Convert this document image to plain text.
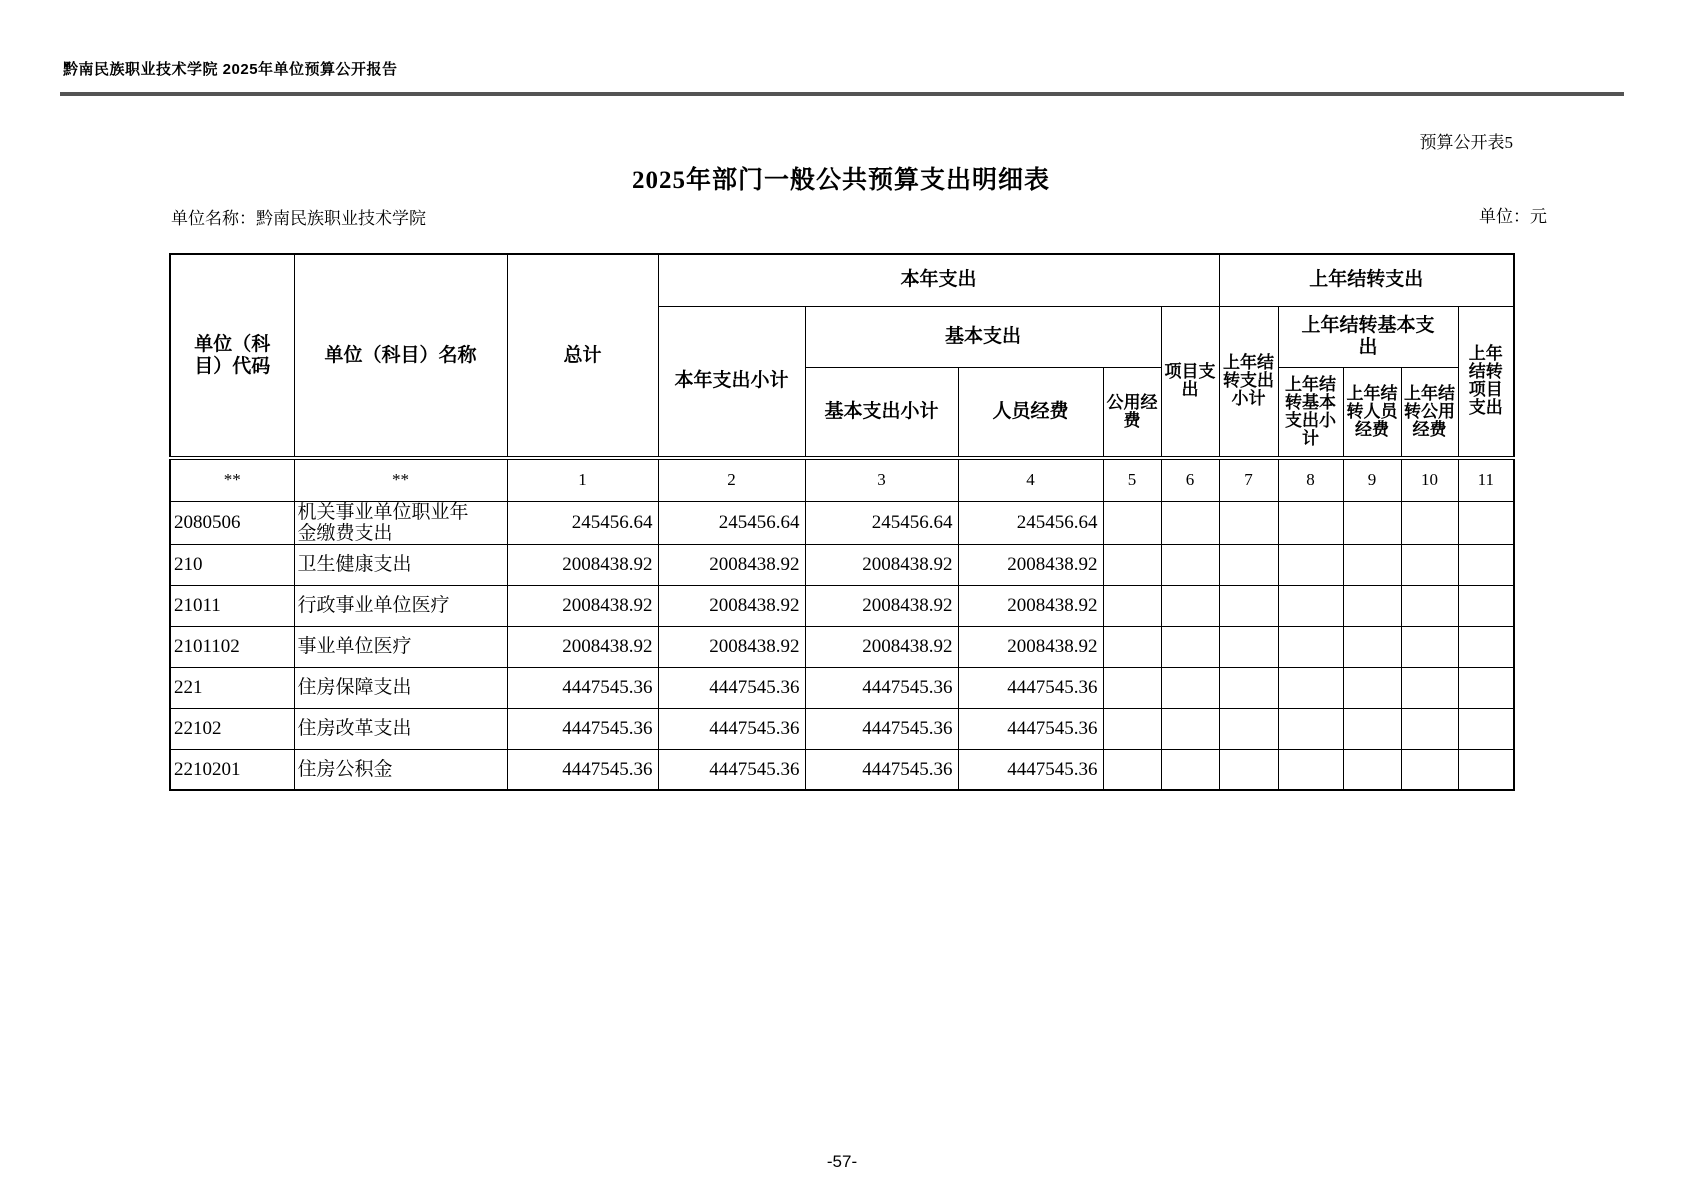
黔南民族职业技术学院 2025年单位预算公开报告
预算公开表5
2025年部门一般公共预算支出明细表
单位名称：黔南民族职业技术学院	单位：元
单位（科目）代码	单位（科目）名称	总计	本年支出					上年结转支出				
			本年支出小计	基本支出			项目支出	上年结转支出小计	上年结转基本支出			上年结转项目支出
				基本支出小计	人员经费	公用经费			上年结转基本支出小计	上年结转人员经费	上年结转公用经费	
**	**	1	2	3	4	5	6	7	8	9	10	11
2080506	机关事业单位职业年金缴费支出	245456.64	245456.64	245456.64	245456.64							
210	卫生健康支出	2008438.92	2008438.92	2008438.92	2008438.92							
21011	行政事业单位医疗	2008438.92	2008438.92	2008438.92	2008438.92							
2101102	事业单位医疗	2008438.92	2008438.92	2008438.92	2008438.92							
221	住房保障支出	4447545.36	4447545.36	4447545.36	4447545.36							
22102	住房改革支出	4447545.36	4447545.36	4447545.36	4447545.36							
2210201	住房公积金	4447545.36	4447545.36	4447545.36	4447545.36							
-57-
